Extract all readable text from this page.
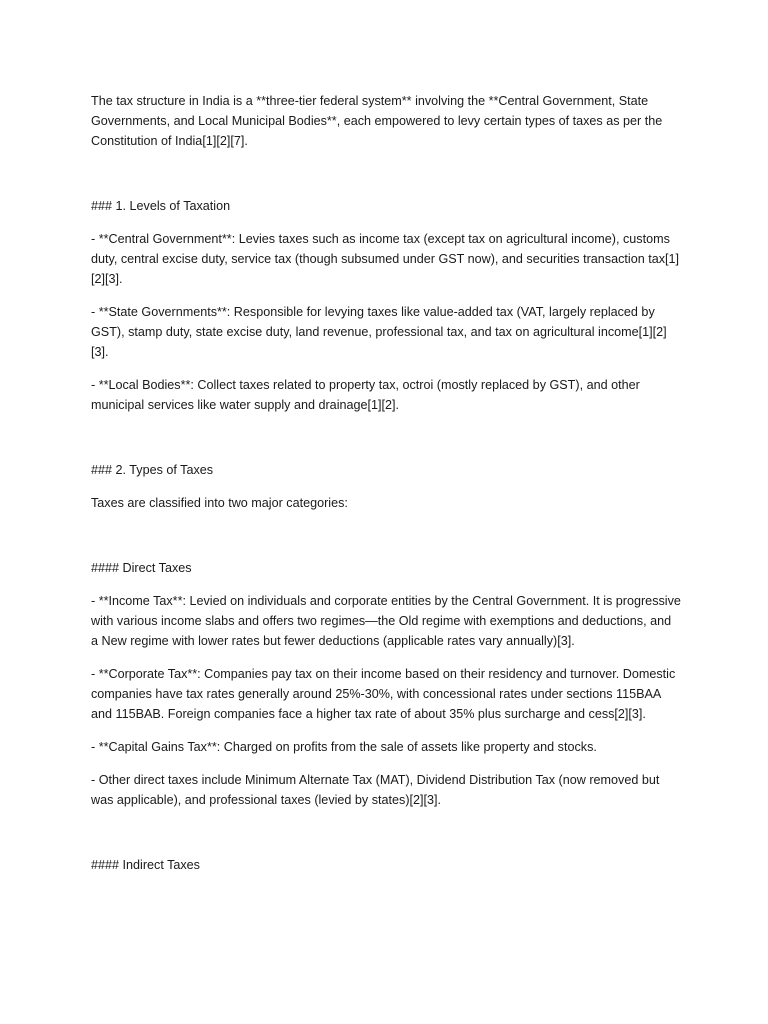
The tax structure in India is a **three-tier federal system** involving the **Central Government, State Governments, and Local Municipal Bodies**, each empowered to levy certain types of taxes as per the Constitution of India[1][2][7].

### 1. Levels of Taxation

- **Central Government**: Levies taxes such as income tax (except tax on agricultural income), customs duty, central excise duty, service tax (though subsumed under GST now), and securities transaction tax[1][2][3].

- **State Governments**: Responsible for levying taxes like value-added tax (VAT, largely replaced by GST), stamp duty, state excise duty, land revenue, professional tax, and tax on agricultural income[1][2][3].

- **Local Bodies**: Collect taxes related to property tax, octroi (mostly replaced by GST), and other municipal services like water supply and drainage[1][2].

### 2. Types of Taxes

Taxes are classified into two major categories:

#### Direct Taxes

- **Income Tax**: Levied on individuals and corporate entities by the Central Government. It is progressive with various income slabs and offers two regimes—the Old regime with exemptions and deductions, and a New regime with lower rates but fewer deductions (applicable rates vary annually)[3].

- **Corporate Tax**: Companies pay tax on their income based on their residency and turnover. Domestic companies have tax rates generally around 25%-30%, with concessional rates under sections 115BAA and 115BAB. Foreign companies face a higher tax rate of about 35% plus surcharge and cess[2][3].

- **Capital Gains Tax**: Charged on profits from the sale of assets like property and stocks.

- Other direct taxes include Minimum Alternate Tax (MAT), Dividend Distribution Tax (now removed but was applicable), and professional taxes (levied by states)[2][3].

#### Indirect Taxes
